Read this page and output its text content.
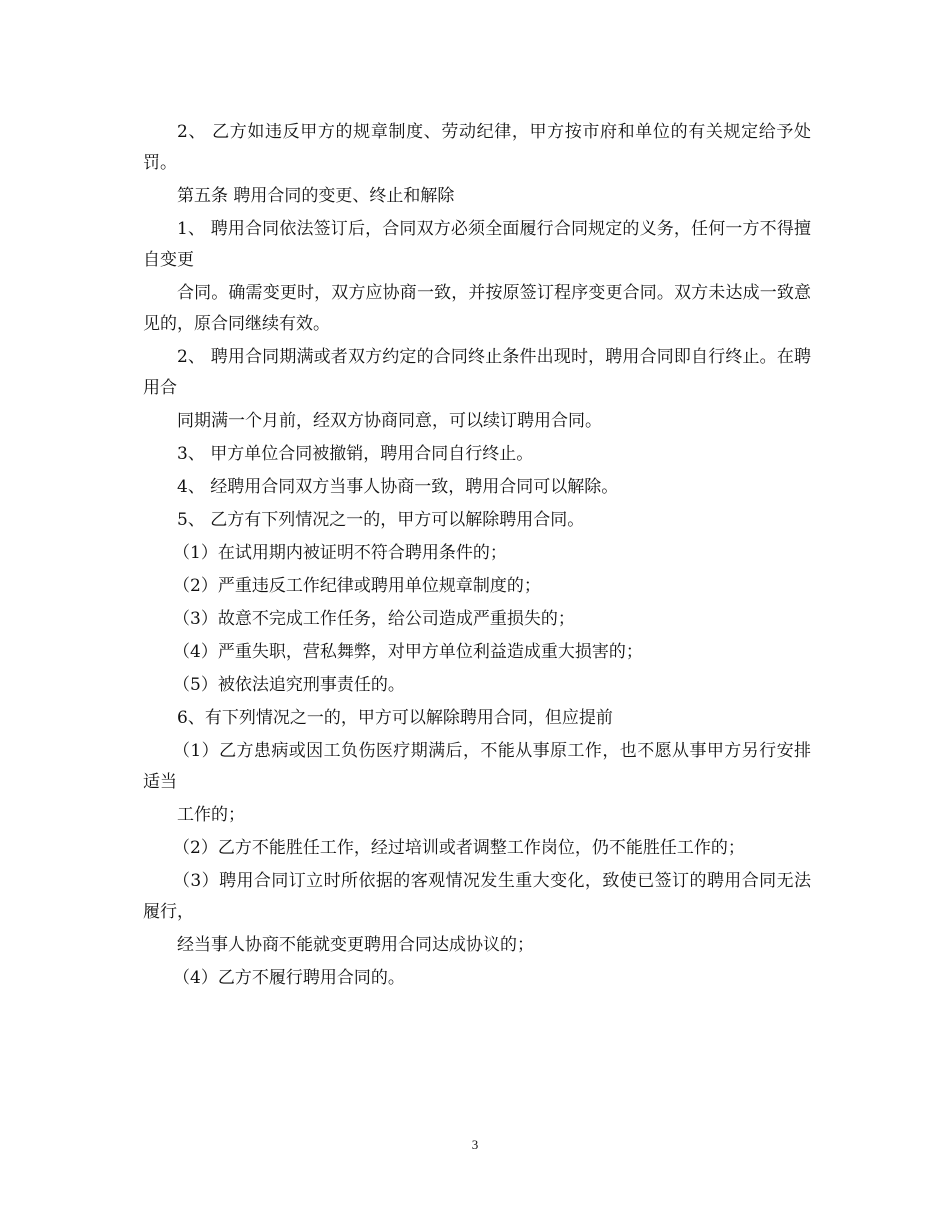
2、 乙方如违反甲方的规章制度、劳动纪律，甲方按市府和单位的有关规定给予处罚。

第五条 聘用合同的变更、终止和解除

1、 聘用合同依法签订后，合同双方必须全面履行合同规定的义务，任何一方不得擅自变更

合同。确需变更时，双方应协商一致，并按原签订程序变更合同。双方未达成一致意见的，原合同继续有效。

2、 聘用合同期满或者双方约定的合同终止条件出现时，聘用合同即自行终止。在聘用合

同期满一个月前，经双方协商同意，可以续订聘用合同。

3、 甲方单位合同被撤销，聘用合同自行终止。

4、 经聘用合同双方当事人协商一致，聘用合同可以解除。

5、 乙方有下列情况之一的，甲方可以解除聘用合同。

（1）在试用期内被证明不符合聘用条件的；

（2）严重违反工作纪律或聘用单位规章制度的；

（3）故意不完成工作任务，给公司造成严重损失的；

（4）严重失职，营私舞弊，对甲方单位利益造成重大损害的；

（5）被依法追究刑事责任的。

6、有下列情况之一的，甲方可以解除聘用合同，但应提前

（1）乙方患病或因工负伤医疗期满后，不能从事原工作，也不愿从事甲方另行安排适当

工作的；

（2）乙方不能胜任工作，经过培训或者调整工作岗位，仍不能胜任工作的；

（3）聘用合同订立时所依据的客观情况发生重大变化，致使已签订的聘用合同无法履行，

经当事人协商不能就变更聘用合同达成协议的；

（4）乙方不履行聘用合同的。

3
